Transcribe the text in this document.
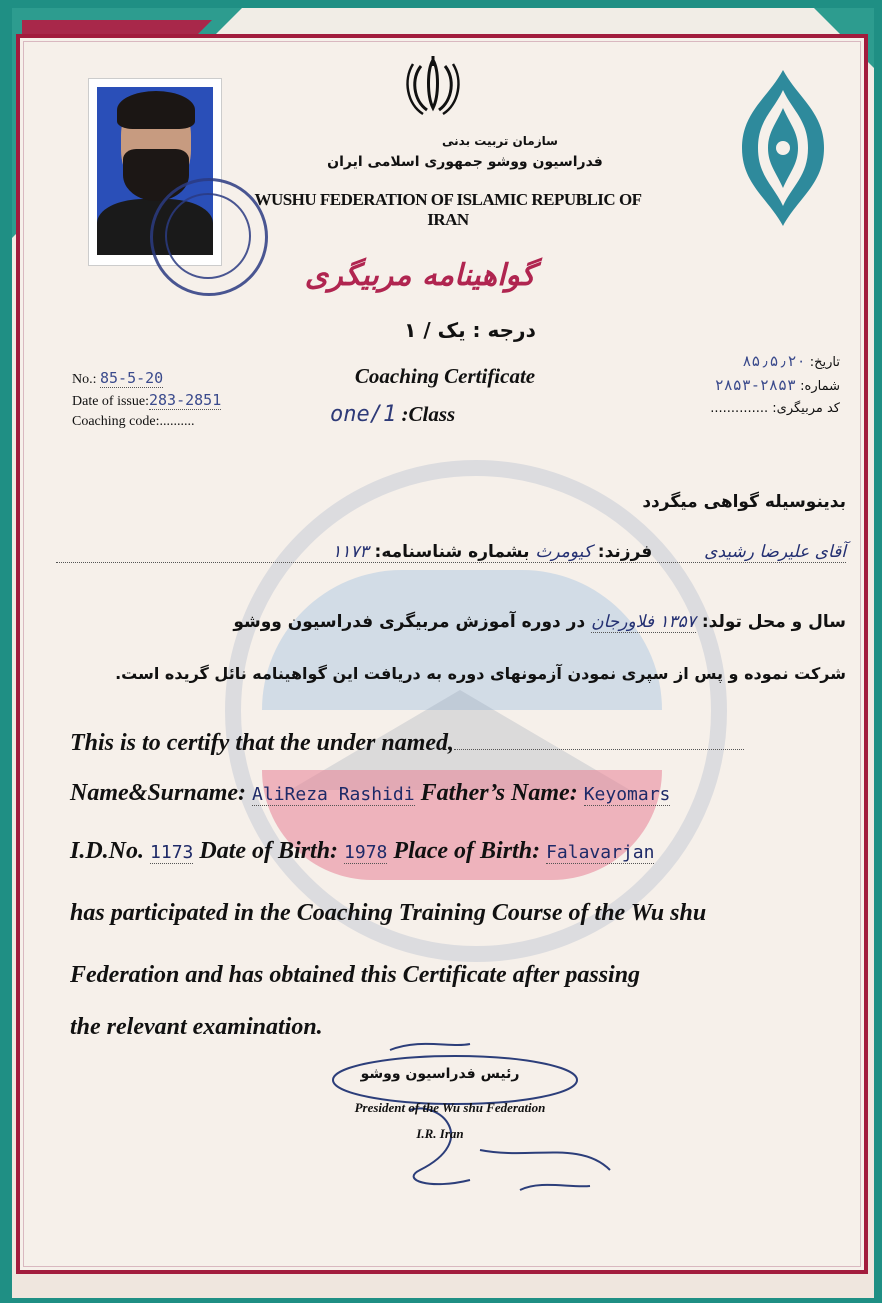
سازمان تربیت بدنی
فدراسیون ووشو جمهوری اسلامی ایران
WUSHU FEDERATION OF ISLAMIC REPUBLIC OF IRAN
گواهینامه مربیگری
درجه : یک / ۱
Coaching Certificate
one/1 :Class
No.: 85-5-20
Date of issue:283-2851
Coaching code:..........
تاریخ: ۸۵٫۵٫۲۰
شماره: ۲۸۵۳-۲۸۵۳
کد مربیگری: ..............
بدینوسیله گواهی میگردد
آقای علیرضا رشیدی  فرزند: کیومرث بشماره شناسنامه: ۱۱۷۳
سال و محل تولد: ۱۳۵۷ فلاورجان در دوره آموزش مربیگری فدراسیون ووشو
شرکت نموده و پس از سپری نمودن آزمونهای دوره به دریافت این گواهینامه نائل گریده است.
This is to certify that the under named,
Name&Surname: AliReza Rashidi Father’s Name: Keyomars
I.D.No. 1173 Date of Birth: 1978 Place of Birth: Falavarjan
has participated in the Coaching Training Course of the Wu shu
Federation and has obtained this Certificate after passing
the relevant examination.
رئیس فدراسیون ووشو
President of the Wu shu Federation
I.R. Iran
